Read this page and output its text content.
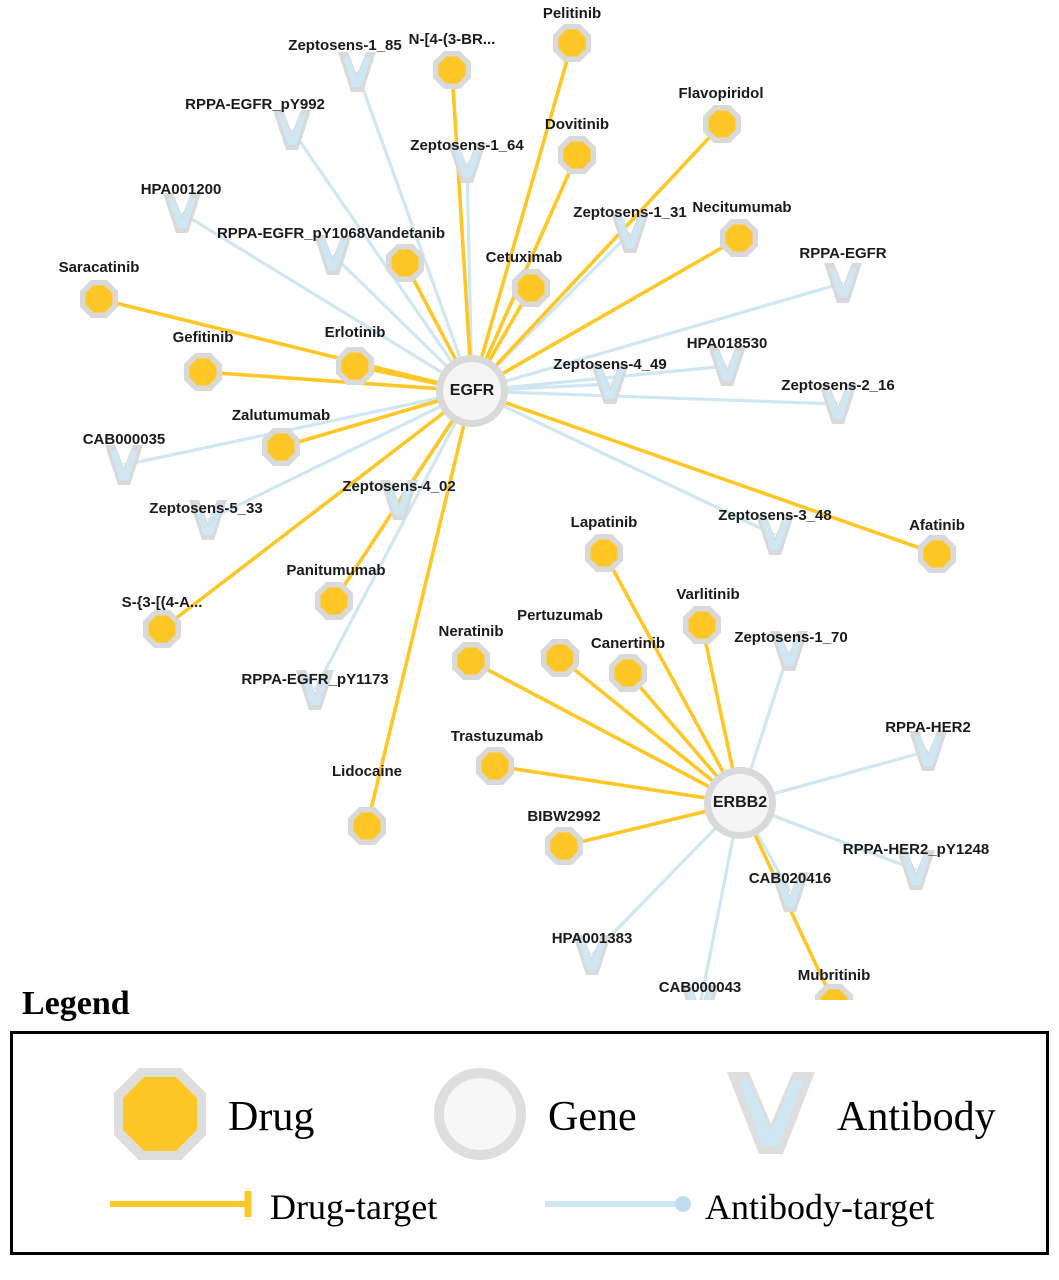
Zeptosens-1_85
RPPA-EGFR_pY992
Zeptosens-1_64
HPA001200
Zeptosens-1_31
RPPA-EGFR_pY1068
RPPA-EGFR
HPA018530
Zeptosens-4_49
Zeptosens-2_16
CAB000035
Zeptosens-5_33
Zeptosens-4_02
Zeptosens-3_48
Zeptosens-1_70
RPPA-EGFR_pY1173
RPPA-HER2
RPPA-HER2_pY1248
CAB020416
HPA001383
CAB000043
Pelitinib
N-[4-(3-BR...
Flavopiridol
Dovitinib
Necitumumab
Vandetanib
Cetuximab
Saracatinib
Erlotinib
Gefitinib
Zalutumumab
Afatinib
Lapatinib
Panitumumab
S-{3-[(4-A...	Varlitinib
Pertuzumab
Neratinib
Canertinib
Trastuzumab
Lidocaine
BIBW2992
Mubritinib
EGFR
ERBB2
Legend
Drug	Gene	Antibody
Drug-target	Antibody-target
